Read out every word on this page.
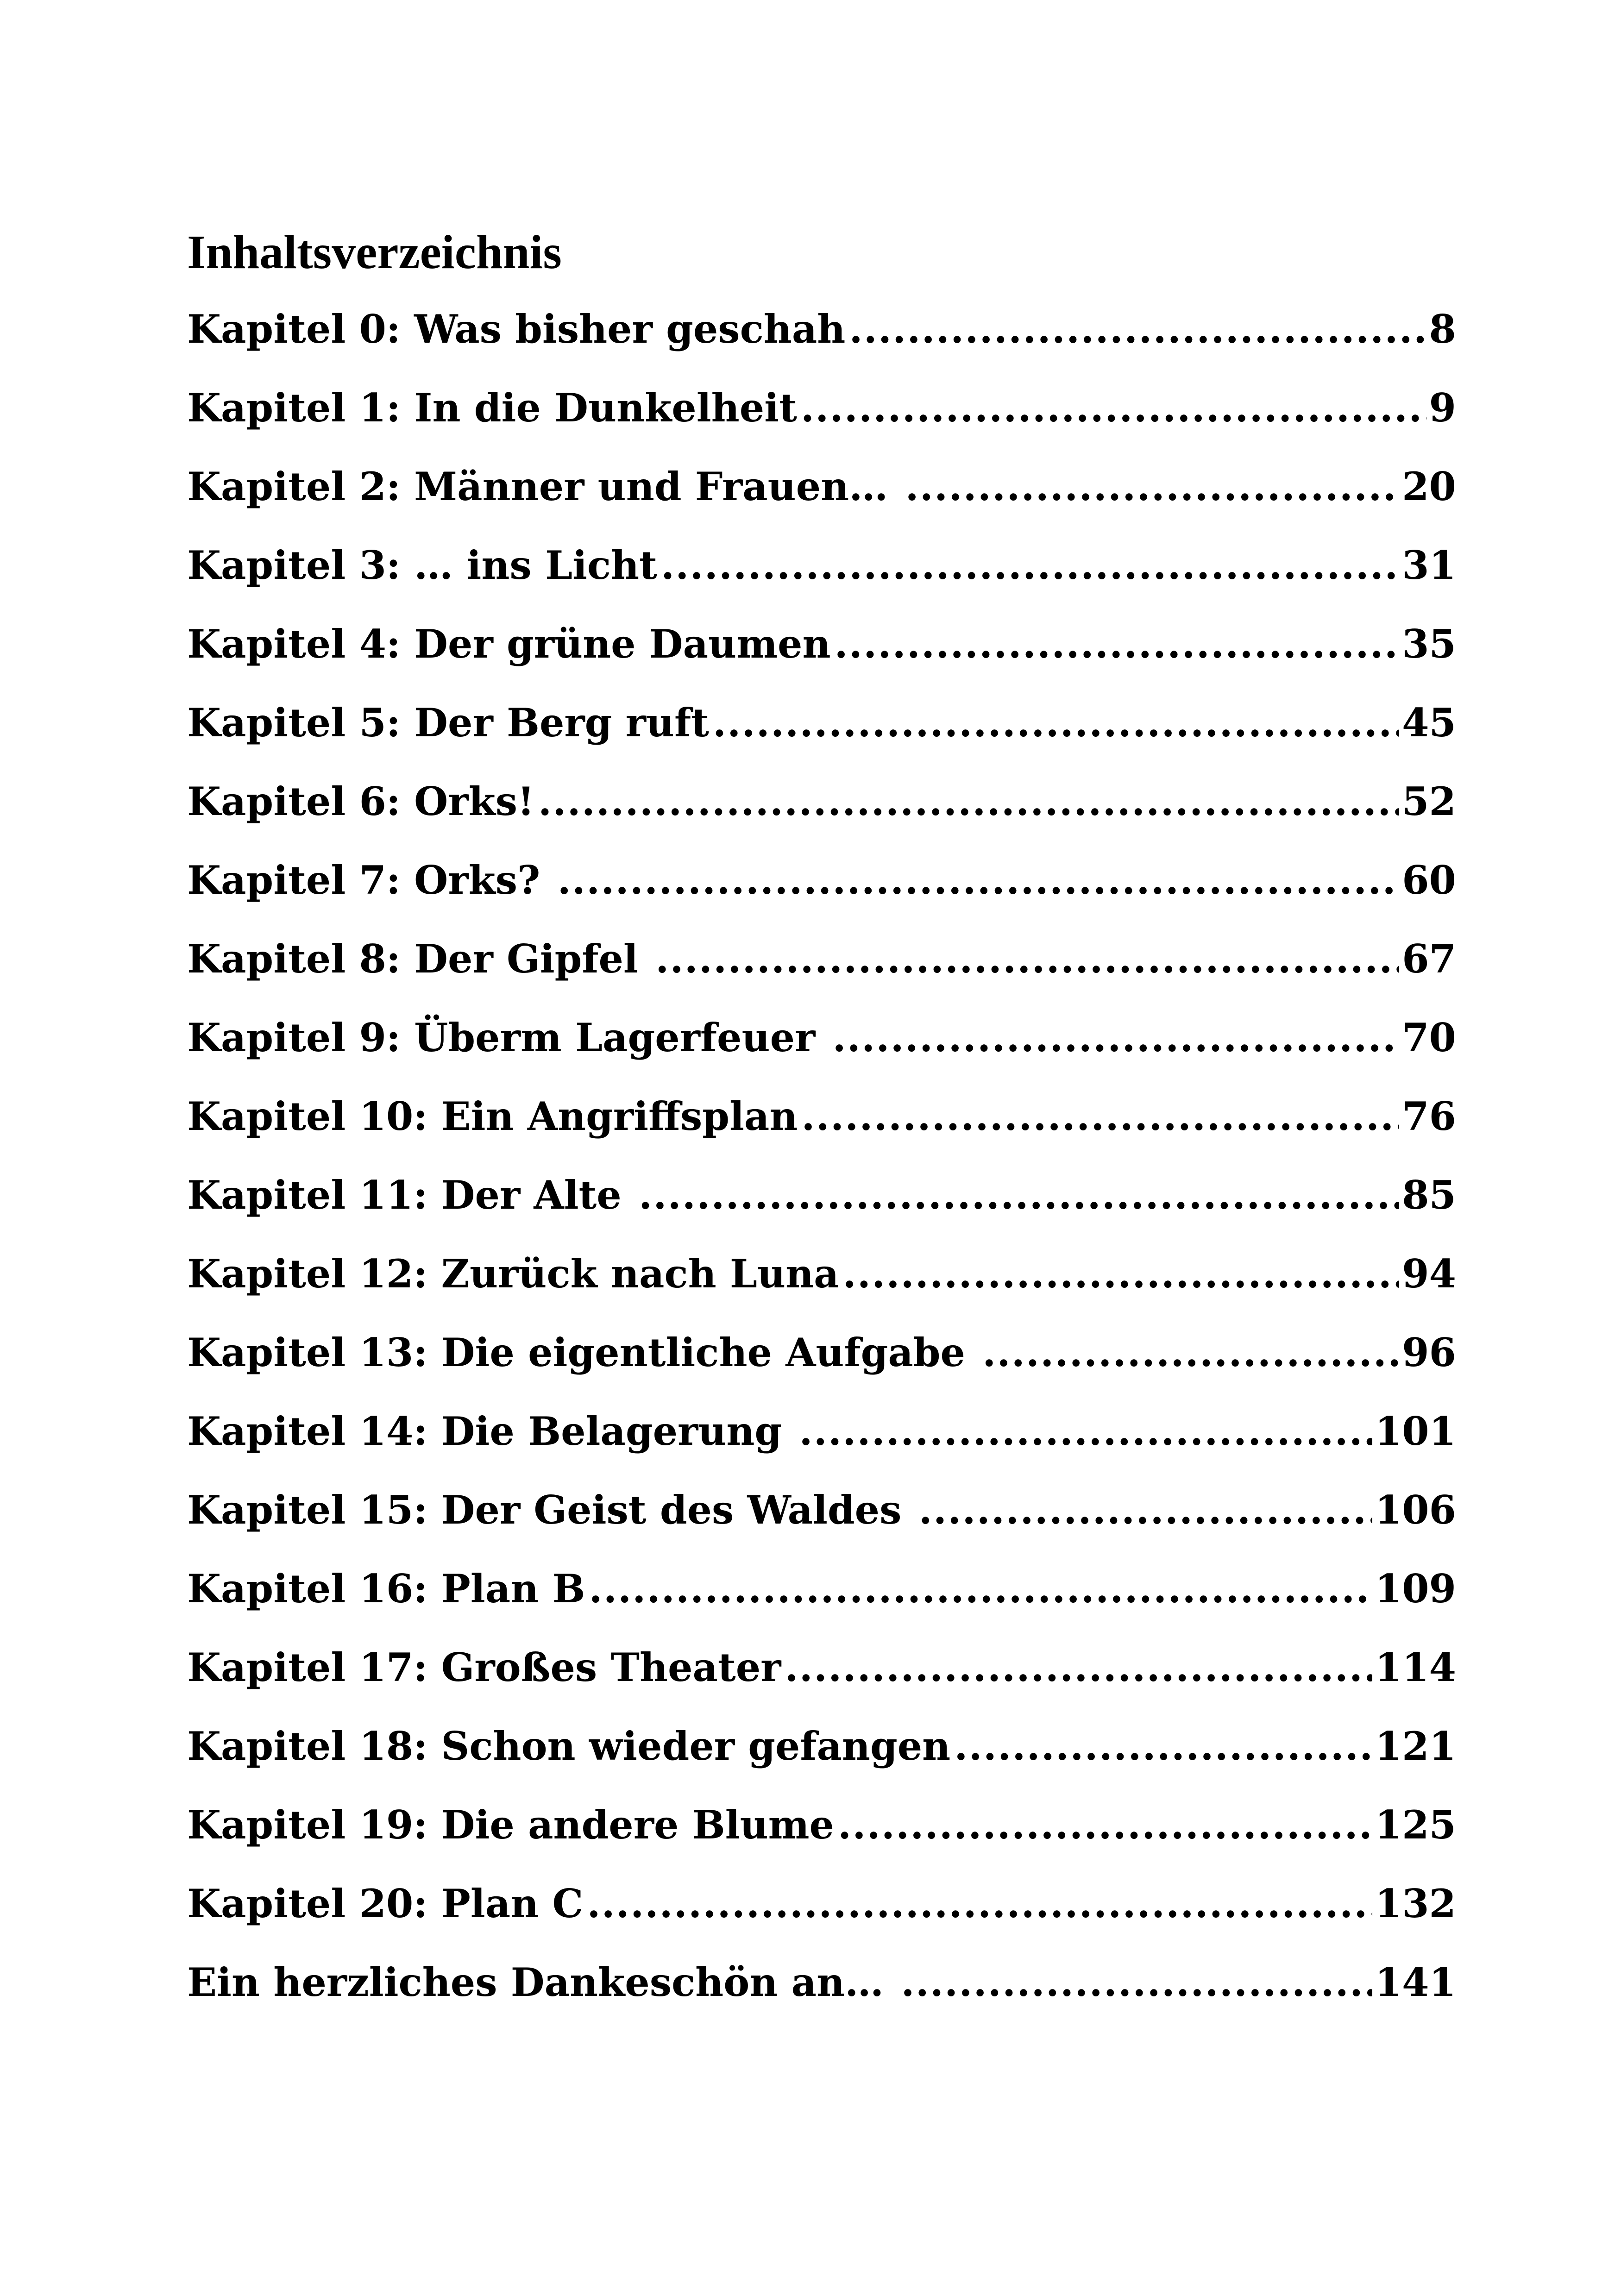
Inhaltsverzeichnis
Kapitel 0: Was bisher geschah .....	8
Kapitel 1: In die Dunkelheit .....	9
Kapitel 2: Männer und Frauen… .....	20
Kapitel 3: … ins Licht .....	31
Kapitel 4: Der grüne Daumen .....	35
Kapitel 5: Der Berg ruft .....	45
Kapitel 6: Orks! .....	52
Kapitel 7: Orks? .....	60
Kapitel 8: Der Gipfel .....	67
Kapitel 9: Überm Lagerfeuer .....	70
Kapitel 10: Ein Angriffsplan .....	76
Kapitel 11: Der Alte .....	85
Kapitel 12: Zurück nach Luna .....	94
Kapitel 13: Die eigentliche Aufgabe .....	96
Kapitel 14: Die Belagerung .....	101
Kapitel 15: Der Geist des Waldes .....	106
Kapitel 16: Plan B .....	109
Kapitel 17: Großes Theater .....	114
Kapitel 18: Schon wieder gefangen .....	121
Kapitel 19: Die andere Blume .....	125
Kapitel 20: Plan C .....	132
Ein herzliches Dankeschön an… .....	141
